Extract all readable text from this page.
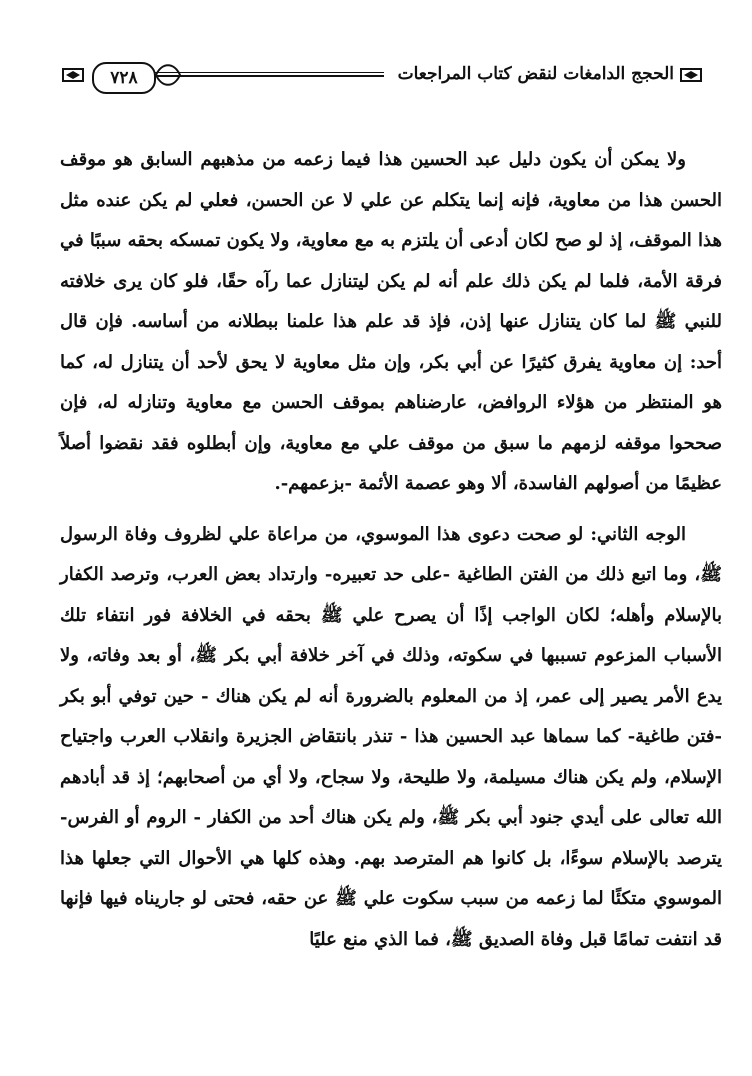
٧٢٨	الحجج الدامغات لنقض كتاب المراجعات

ولا يمكن أن يكون دليل عبد الحسين هذا فيما زعمه من مذهبهم السابق هو موقف الحسن هذا من معاوية، فإنه إنما يتكلم عن علي لا عن الحسن، فعلي لم يكن عنده مثل هذا الموقف، إذ لو صح لكان أدعى أن يلتزم به مع معاوية، ولا يكون تمسكه بحقه سببًا في فرقة الأمة، فلما لم يكن ذلك علم أنه لم يكن ليتنازل عما رآه حقًا، فلو كان يرى خلافته للنبي ﷺ لما كان يتنازل عنها إذن، فإذ قد علم هذا علمنا ببطلانه من أساسه. فإن قال أحد: إن معاوية يفرق كثيرًا عن أبي بكر، وإن مثل معاوية لا يحق لأحد أن يتنازل له، كما هو المنتظر من هؤلاء الروافض، عارضناهم بموقف الحسن مع معاوية وتنازله له، فإن صححوا موقفه لزمهم ما سبق من موقف علي مع معاوية، وإن أبطلوه فقد نقضوا أصلاً عظيمًا من أصولهم الفاسدة، ألا وهو عصمة الأئمة -بزعمهم-.

الوجه الثاني: لو صحت دعوى هذا الموسوي، من مراعاة علي لظروف وفاة الرسول ﷺ، وما اتبع ذلك من الفتن الطاغية -على حد تعبيره- وارتداد بعض العرب، وترصد الكفار بالإسلام وأهله؛ لكان الواجب إذًا أن يصرح علي ﷺ بحقه في الخلافة فور انتفاء تلك الأسباب المزعوم تسببها في سكوته، وذلك في آخر خلافة أبي بكر ﷺ، أو بعد وفاته، ولا يدع الأمر يصير إلى عمر، إذ من المعلوم بالضرورة أنه لم يكن هناك - حين توفي أبو بكر -فتن طاغية- كما سماها عبد الحسين هذا - تنذر بانتقاض الجزيرة وانقلاب العرب واجتياح الإسلام، ولم يكن هناك مسيلمة، ولا طليحة، ولا سجاح، ولا أي من أصحابهم؛ إذ قد أبادهم الله تعالى على أيدي جنود أبي بكر ﷺ، ولم يكن هناك أحد من الكفار - الروم أو الفرس- يترصد بالإسلام سوءًا، بل كانوا هم المترصد بهم. وهذه كلها هي الأحوال التي جعلها هذا الموسوي متكئًا لما زعمه من سبب سكوت علي ﷺ عن حقه، فحتى لو جاريناه فيها فإنها قد انتفت تمامًا قبل وفاة الصديق ﷺ، فما الذي منع عليًا
